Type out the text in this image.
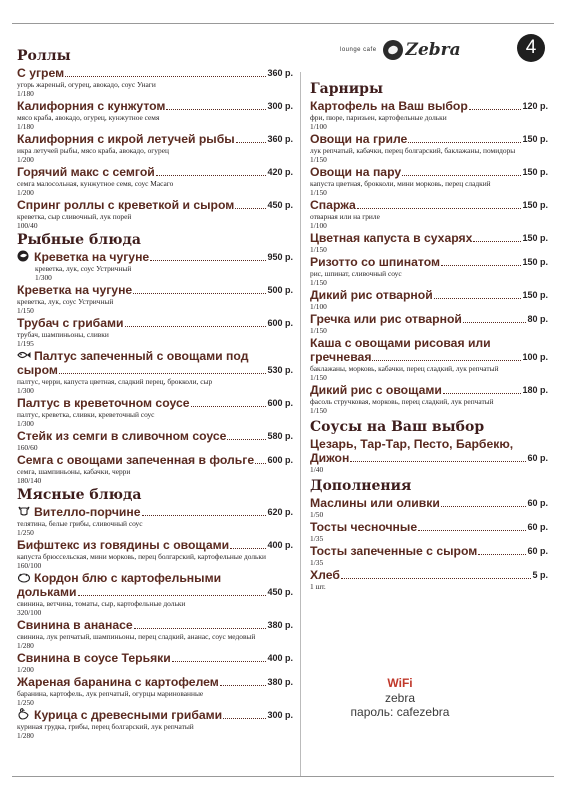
lounge cafe Zebra	4
Роллы
С угрем	360 р.
угорь жареный, огурец, авокадо, соус Унаги
1/180
Калифорния с кунжутом	300 р.
мясо краба, авокадо, огурец, кунжутное семя
1/180
Калифорния с икрой летучей рыбы	360 р.
икра летучей рыбы, мясо краба, авокадо, огурец
1/200
Горячий макс с семгой	420 р.
семга малосольная, кунжутное семя, соус Масаго
1/200
Спринг роллы с креветкой и сыром	450 р.
креветка, сыр сливочный, лук порей
100/40
Рыбные блюда
Креветка на чугуне	950 р.
креветка, лук, соус Устричный
1/300
Креветка на чугуне	500 р.
креветка, лук, соус Устричный
1/150
Трубач с грибами	600 р.
трубач, шампиньоны, сливки
1/195
Палтус запеченный с овощами под
сыром	530 р.
палтус, черри, капуста цветная, сладкий перец, брокколи, сыр
1/300
Палтус в креветочном соусе	600 р.
палтус, креветка, сливки, креветочный соус
1/300
Стейк из семги в сливочном соусе	580 р.
160/60
Семга с овощами запеченная в фольге 600 р.
семга, шампиньоны, кабачки, черри
180/140
Мясные блюда
Вителло-порчине	620 р.
телятина, белые грибы, сливочный соус
1/250
Бифштекс из говядины с овощами	400 р.
капуста брюссельская, мини морковь, перец болгарский, картофельные дольки
160/100
Кордон блю с картофельными
дольками	450 р.
свинина, ветчина, томаты, сыр, картофельные дольки
320/100
Свинина в ананасе	380 р.
свинина, лук репчатый, шампиньоны, перец сладкий, ананас, соус медовый
1/280
Свинина в соусе Терьяки	400 р.
1/200
Жареная баранина с картофелем	380 р.
баранина, картофель, лук репчатый, огурцы маринованные
1/250
Курица с древесными грибами	300 р.
куриная грудка, грибы, перец болгарский, лук репчатый
1/280
Гарниры
Картофель на Ваш выбор	120 р.
фри, пюре, паризьен, картофельные дольки
1/100
Овощи на гриле	150 р.
лук репчатый, кабачки, перец болгарский, баклажаны, помидоры
1/150
Овощи на пару	150 р.
капуста цветная, брокколи, мини морковь, перец сладкий
1/150
Спаржа	150 р.
отварная или на гриле
1/100
Цветная капуста в сухарях	150 р.
1/150
Ризотто со шпинатом	150 р.
рис, шпинат, сливочный соус
1/150
Дикий рис отварной	150 р.
1/100
Гречка или рис отварной	80 р.
1/150
Каша с овощами рисовая или
гречневая	100 р.
баклажаны, морковь, кабачки, перец сладкий, лук репчатый
1/150
Дикий рис с овощами	180 р.
фасоль стручковая, морковь, перец сладкий, лук репчатый
1/150
Соусы на Ваш выбор
Цезарь, Тар-Тар, Песто, Барбекю,
Дижон	60 р.
1/40
Дополнения
Маслины или оливки	60 р.
1/50
Тосты чесночные	60 р.
1/35
Тосты запеченные с сыром	60 р.
1/35
Хлеб	5 р.
1 шт.
WiFi
zebra
пароль: cafezebra
